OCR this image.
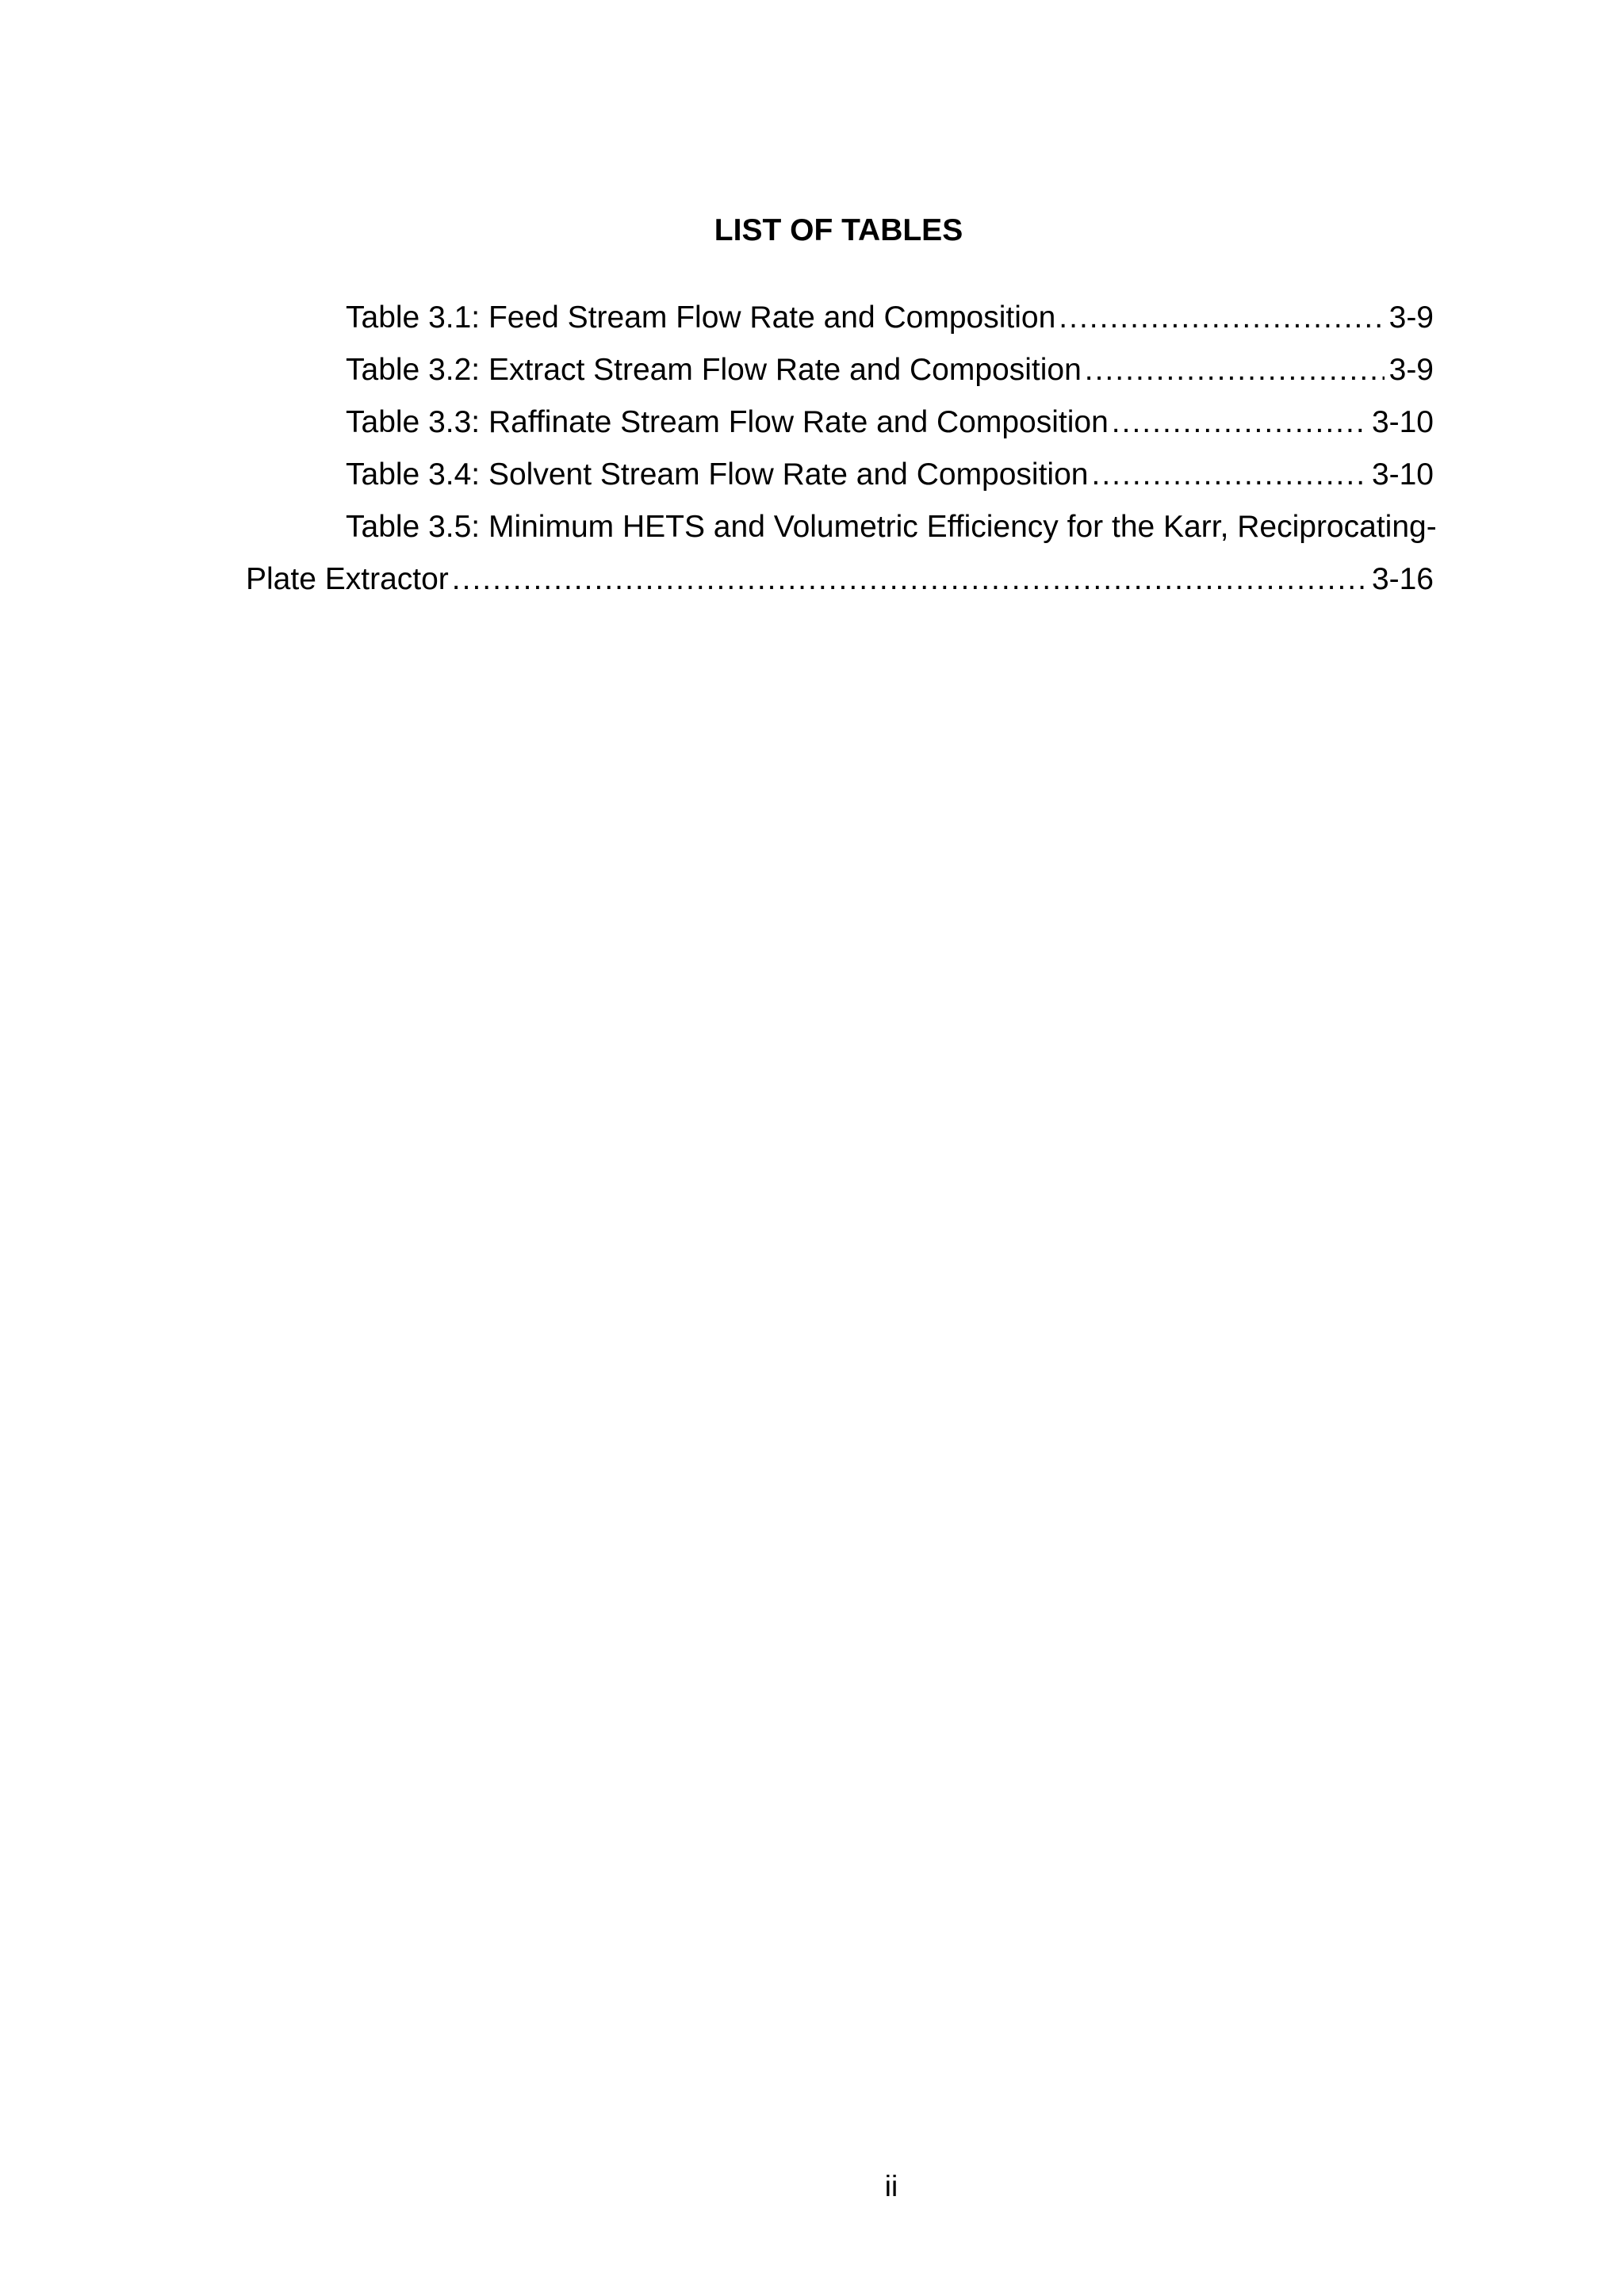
LIST OF TABLES
Table 3.1: Feed Stream Flow Rate and Composition .....	3-9
Table 3.2: Extract Stream Flow Rate and Composition .....	3-9
Table 3.3: Raffinate Stream Flow Rate and Composition .....	3-10
Table 3.4: Solvent Stream Flow Rate and Composition .....	3-10
Table 3.5: Minimum HETS and Volumetric Efficiency for the Karr, Reciprocating-
Plate Extractor .....	3-16
ii
